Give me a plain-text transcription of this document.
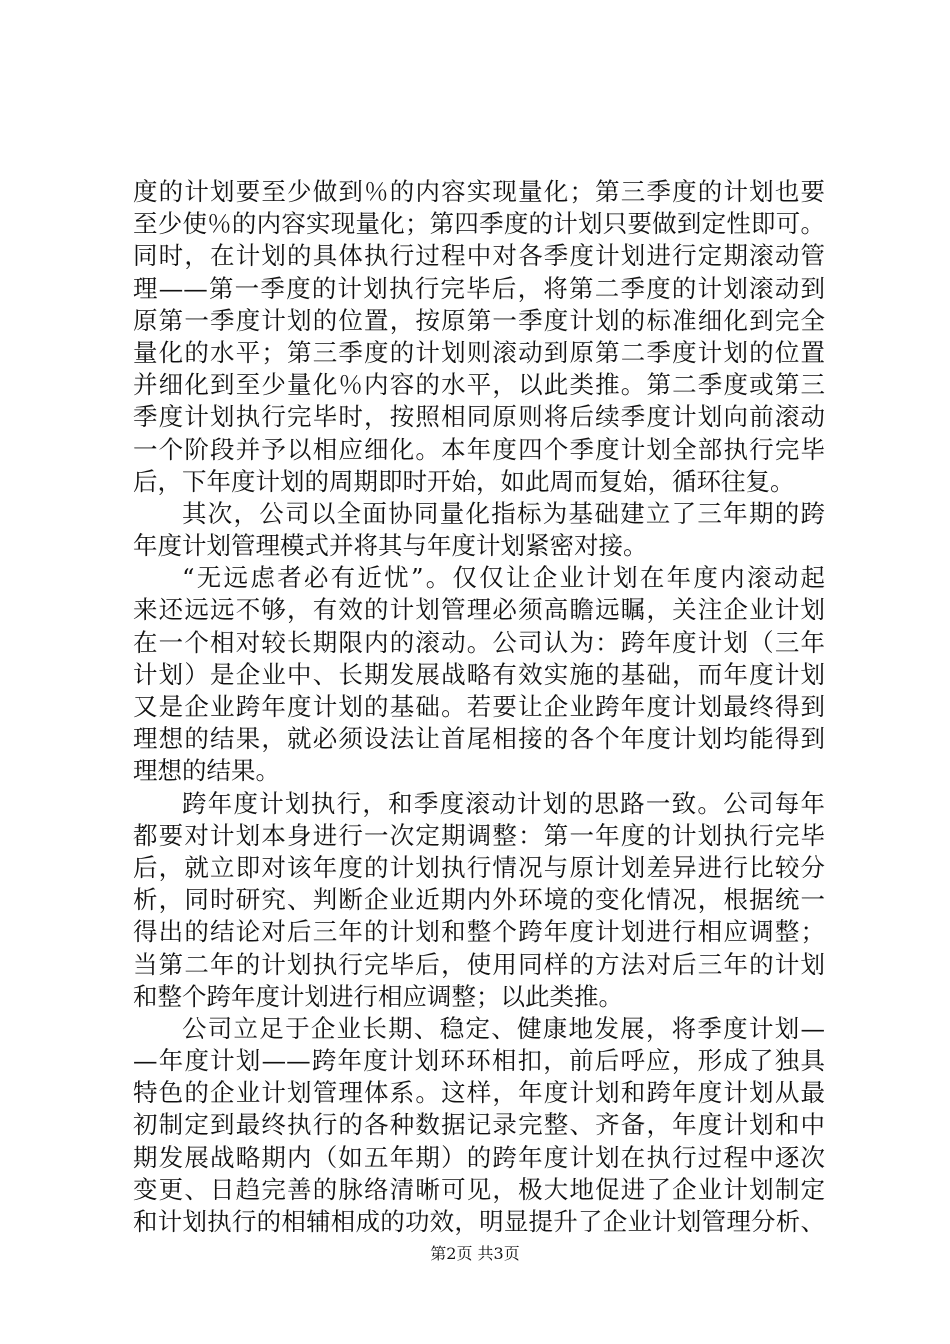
度的计划要至少做到％的内容实现量化；第三季度的计划也要
至少使％的内容实现量化；第四季度的计划只要做到定性即可。
同时，在计划的具体执行过程中对各季度计划进行定期滚动管
理——第一季度的计划执行完毕后，将第二季度的计划滚动到
原第一季度计划的位置，按原第一季度计划的标准细化到完全
量化的水平；第三季度的计划则滚动到原第二季度计划的位置
并细化到至少量化％内容的水平，以此类推。第二季度或第三
季度计划执行完毕时，按照相同原则将后续季度计划向前滚动
一个阶段并予以相应细化。本年度四个季度计划全部执行完毕
后，下年度计划的周期即时开始，如此周而复始，循环往复。
其次，公司以全面协同量化指标为基础建立了三年期的跨
年度计划管理模式并将其与年度计划紧密对接。
“无远虑者必有近忧”。仅仅让企业计划在年度内滚动起
来还远远不够，有效的计划管理必须高瞻远瞩，关注企业计划
在一个相对较长期限内的滚动。公司认为：跨年度计划（三年
计划）是企业中、长期发展战略有效实施的基础，而年度计划
又是企业跨年度计划的基础。若要让企业跨年度计划最终得到
理想的结果，就必须设法让首尾相接的各个年度计划均能得到
理想的结果。
跨年度计划执行，和季度滚动计划的思路一致。公司每年
都要对计划本身进行一次定期调整：第一年度的计划执行完毕
后，就立即对该年度的计划执行情况与原计划差异进行比较分
析，同时研究、判断企业近期内外环境的变化情况，根据统一
得出的结论对后三年的计划和整个跨年度计划进行相应调整；
当第二年的计划执行完毕后，使用同样的方法对后三年的计划
和整个跨年度计划进行相应调整；以此类推。
公司立足于企业长期、稳定、健康地发展，将季度计划—
—年度计划——跨年度计划环环相扣，前后呼应，形成了独具
特色的企业计划管理体系。这样，年度计划和跨年度计划从最
初制定到最终执行的各种数据记录完整、齐备，年度计划和中
期发展战略期内（如五年期）的跨年度计划在执行过程中逐次
变更、日趋完善的脉络清晰可见，极大地促进了企业计划制定
和计划执行的相辅相成的功效，明显提升了企业计划管理分析、
第2页 共3页
